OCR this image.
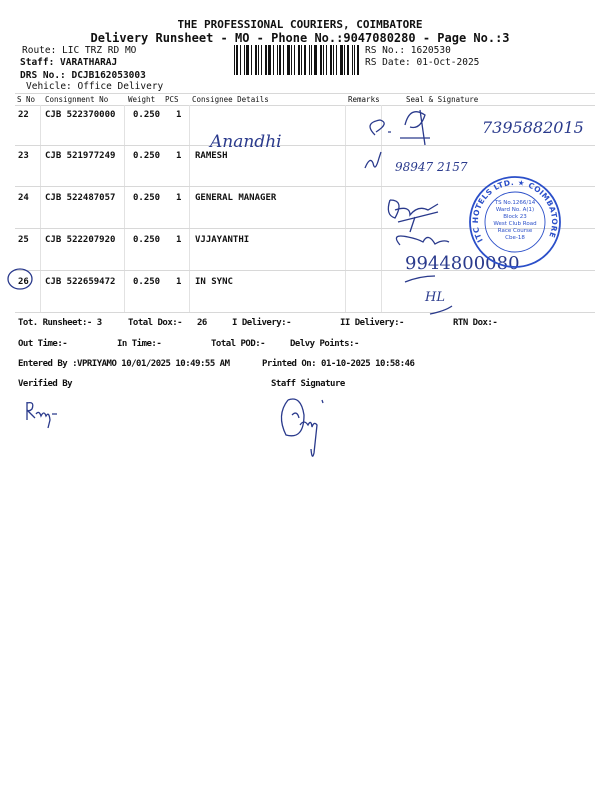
THE PROFESSIONAL COURIERS, COIMBATORE
Delivery Runsheet - MO - Phone No.:9047080280 - Page No.:3
Route: LIC TRZ RD MO
Staff: VARATHARAJ
DRS No.: DCJB162053003
Vehicle: Office Delivery
RS No.: 1620530
RS Date: 01-Oct-2025
S No Consignment No	Weight PCS Consignee Details	Remarks	Seal & Signature
22 CJB 522370000 0.250 1
23 CJB 521977249 0.250 1 RAMESH
24 CJB 522487057 0.250 1 GENERAL MANAGER
25 CJB 522207920 0.250 1 VJJAYANTHI
26 CJB 522659472 0.250 1 IN SYNC
Anandhi
7395882015
98947 2157
9944800080
HL
ITC HOTELS LTD. ★ COIMBATORE
TS No.1266/14
Ward No. A(1)
Block 23
West Club Road
Race Course
Cbe-18
Tot. Runsheet:- 3	Total Dox:- 26	I Delivery:-	II Delivery:-	RTN Dox:-
Out Time:-	In Time:-	Total POD:-	Delvy Points:-
Entered By :VPRIYAMO 10/01/2025 10:49:55 AM	Printed On: 01-10-2025 10:58:46
Verified By	Staff Signature
